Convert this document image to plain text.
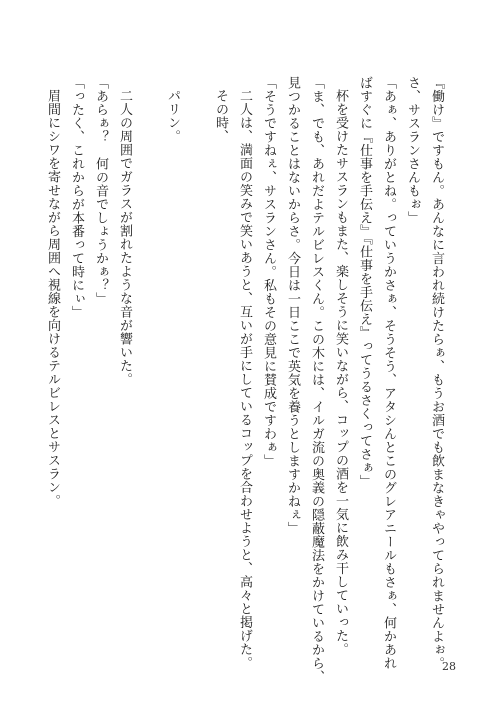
『働け』ですもん。あんなに言われ続けたらぁ、もうお酒でも飲まなきゃやってられませんよぉ。
さ、サスランさんもぉ」
「あぁ、ありがとね。っていうかさぁ、そうそう、アタシんとこのグレアニールもさぁ、何かあれ
ばすぐに『仕事を手伝え』『仕事を手伝え』ってうるさくってさぁ」
杯を受けたサスランもまた、楽しそうに笑いながら、コップの酒を一気に飲み干していった。
「ま、でも、あれだよテルビレスくん。この木には、イルガ流の奥義の隠蔽魔法をかけているから、
見つかることはないからさ。今日は一日ここで英気を養うとしますかねぇ」
「そうですねぇ、サスランさん。私もその意見に賛成ですわぁ」
二人は、満面の笑みで笑いあうと、互いが手にしているコップを合わせようと、高々と掲げた。
その時、
パリン。
二人の周囲でガラスが割れたような音が響いた。
「あらぁ？　何の音でしょうかぁ？」
「ったく、これからが本番って時にぃ」
眉間にシワを寄せながら周囲へ視線を向けるテルビレスとサスラン。
28
